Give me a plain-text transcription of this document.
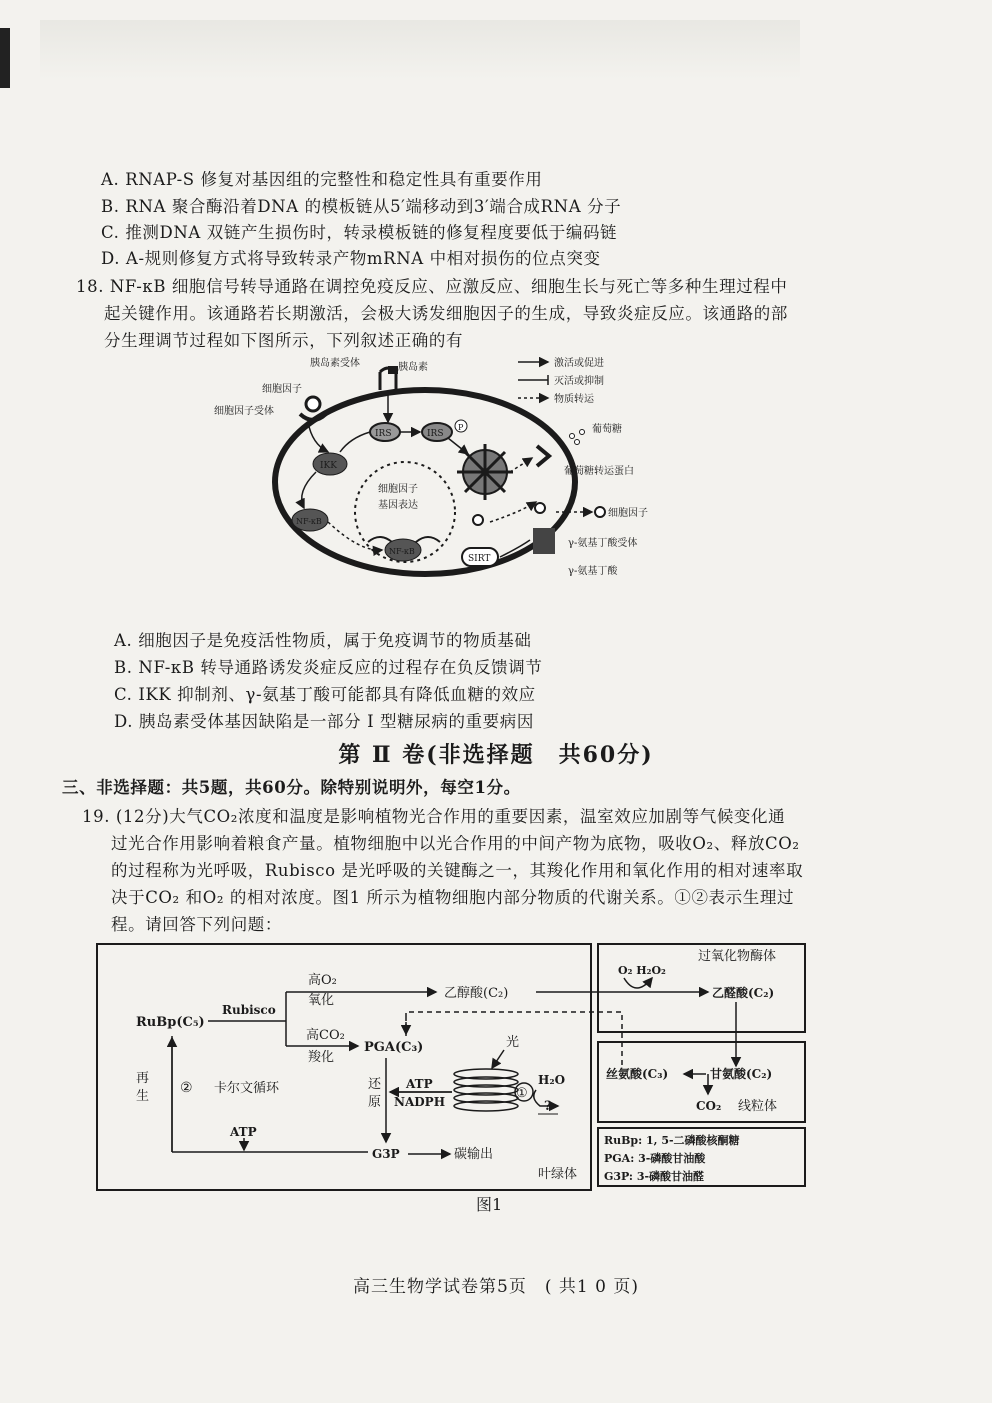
A. RNAP-S 修复对基因组的完整性和稳定性具有重要作用
B. RNA 聚合酶沿着DNA 的模板链从5′端移动到3′端合成RNA 分子
C. 推测DNA 双链产生损伤时，转录模板链的修复程度要低于编码链
D. A-规则修复方式将导致转录产物mRNA 中相对损伤的位点突变
18. NF-κB 细胞信号转导通路在调控免疫反应、应激反应、细胞生长与死亡等多种生理过程中
起关键作用。该通路若长期激活，会极大诱发细胞因子的生成，导致炎症反应。该通路的部
分生理调节过程如下图所示，下列叙述正确的有
细胞因子
基因表达
胰岛素受体	胰岛素
细胞因子
细胞因子受体
IRS	IRS
P
IKK
NF-κB
NF-κB
SIRT
激活或促进
灭活或抑制
物质转运
葡萄糖
葡萄糖转运蛋白
细胞因子
γ-氨基丁酸受体
γ-氨基丁酸
A. 细胞因子是免疫活性物质，属于免疫调节的物质基础
B. NF-κB 转导通路诱发炎症反应的过程存在负反馈调节
C. IKK 抑制剂、γ-氨基丁酸可能都具有降低血糖的效应
D. 胰岛素受体基因缺陷是一部分 I 型糖尿病的重要病因
第 Ⅱ 卷(非选择题　共60分)
三、非选择题：共5题，共60分。除特别说明外，每空1分。
19. (12分)大气CO₂浓度和温度是影响植物光合作用的重要因素，温室效应加剧等气候变化通
过光合作用影响着粮食产量。植物细胞中以光合作用的中间产物为底物，吸收O₂、释放CO₂
的过程称为光呼吸，Rubisco 是光呼吸的关键酶之一，其羧化作用和氧化作用的相对速率取
决于CO₂ 和O₂ 的相对浓度。图1 所示为植物细胞内部分物质的代谢关系。①②表示生理过
程。请回答下列问题：
RuBp(C₅)
Rubisco
高O₂
氧化	乙醇酸(C₂)
高CO₂
羧化
PGA(C₃)
再
生
② 卡尔文循环
ATP
还
原
ATP
NADPH
光
①
H₂O
?
G3P	碳输出
叶绿体
过氧化物酶体
O₂ H₂O₂
乙醛酸(C₂)
丝氨酸(C₃)	甘氨酸(C₂)
CO₂ 线粒体
RuBp: 1, 5-二磷酸核酮糖
PGA: 3-磷酸甘油酸
G3P: 3-磷酸甘油醛
图1
高三生物学试卷第5页　( 共1 0 页)
